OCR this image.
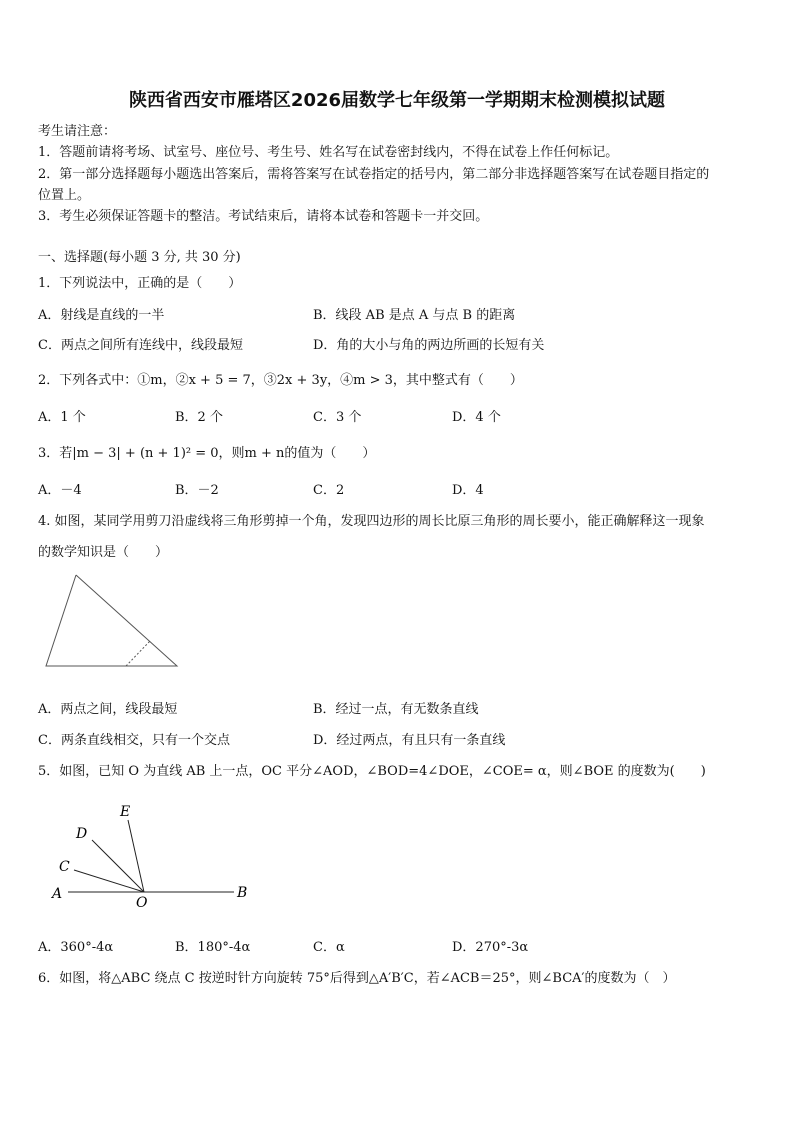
陕西省西安市雁塔区2026届数学七年级第一学期期末检测模拟试题
考生请注意：
1．答题前请将考场、试室号、座位号、考生号、姓名写在试卷密封线内，不得在试卷上作任何标记。
2．第一部分选择题每小题选出答案后，需将答案写在试卷指定的括号内，第二部分非选择题答案写在试卷题目指定的
位置上。
3．考生必须保证答题卡的整洁。考试结束后，请将本试卷和答题卡一并交回。
一、选择题(每小题 3 分, 共 30 分)
1．下列说法中，正确的是（　　）
A．射线是直线的一半	B．线段 AB 是点 A 与点 B 的距离
C．两点之间所有连线中，线段最短	D．角的大小与角的两边所画的长短有关
2．下列各式中：①m，②x + 5 = 7，③2x + 3y，④m > 3，其中整式有（　　）
A．1 个	B．2 个	C．3 个	D．4 个
3．若|m − 3| + (n + 1)² = 0，则m + n的值为（　　）
A．－4	B．－2	C．2	D．4
4. 如图，某同学用剪刀沿虚线将三角形剪掉一个角，发现四边形的周长比原三角形的周长要小，能正确解释这一现象
的数学知识是（　　）
A．两点之间，线段最短	B．经过一点，有无数条直线
C．两条直线相交，只有一个交点	D．经过两点，有且只有一条直线
5．如图，已知 O 为直线 AB 上一点，OC 平分∠AOD，∠BOD=4∠DOE，∠COE= α，则∠BOE 的度数为(　　)
E
D
C
A
O
B
A．360°-4α	B．180°-4α	C．α	D．270°-3α
6．如图，将△ABC 绕点 C 按逆时针方向旋转 75°后得到△A′B′C，若∠ACB＝25°，则∠BCA′的度数为（　）
